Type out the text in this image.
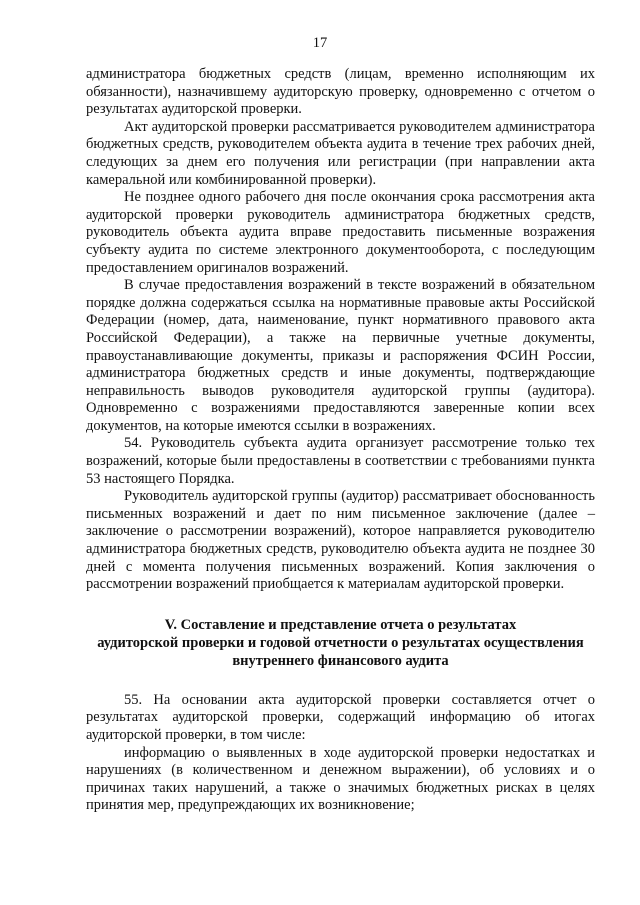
17

администратора бюджетных средств (лицам, временно исполняющим их обязанности), назначившему аудиторскую проверку, одновременно с отчетом о результатах аудиторской проверки.

Акт аудиторской проверки рассматривается руководителем администратора бюджетных средств, руководителем объекта аудита в течение трех рабочих дней, следующих за днем его получения или регистрации (при направлении акта камеральной или комбинированной проверки).

Не позднее одного рабочего дня после окончания срока рассмотрения акта аудиторской проверки руководитель администратора бюджетных средств, руководитель объекта аудита вправе предоставить письменные возражения субъекту аудита по системе электронного документооборота, с последующим предоставлением оригиналов возражений.

В случае предоставления возражений в тексте возражений в обязательном порядке должна содержаться ссылка на нормативные правовые акты Российской Федерации (номер, дата, наименование, пункт нормативного правового акта Российской Федерации), а также на первичные учетные документы, правоустанавливающие документы, приказы и распоряжения ФСИН России, администратора бюджетных средств и иные документы, подтверждающие неправильность выводов руководителя аудиторской группы (аудитора). Одновременно с возражениями предоставляются заверенные копии всех документов, на которые имеются ссылки в возражениях.

54. Руководитель субъекта аудита организует рассмотрение только тех возражений, которые были предоставлены в соответствии с требованиями пункта 53 настоящего Порядка.

Руководитель аудиторской группы (аудитор) рассматривает обоснованность письменных возражений и дает по ним письменное заключение (далее – заключение о рассмотрении возражений), которое направляется руководителю администратора бюджетных средств, руководителю объекта аудита не позднее 30 дней с момента получения письменных возражений. Копия заключения о рассмотрении возражений приобщается к материалам аудиторской проверки.

V. Составление и представление отчета о результатах
аудиторской проверки и годовой отчетности о результатах осуществления
внутреннего финансового аудита

55. На основании акта аудиторской проверки составляется отчет о результатах аудиторской проверки, содержащий информацию об итогах аудиторской проверки, в том числе:

информацию о выявленных в ходе аудиторской проверки недостатках и нарушениях (в количественном и денежном выражении), об условиях и о причинах таких нарушений, а также о значимых бюджетных рисках в целях принятия мер, предупреждающих их возникновение;
